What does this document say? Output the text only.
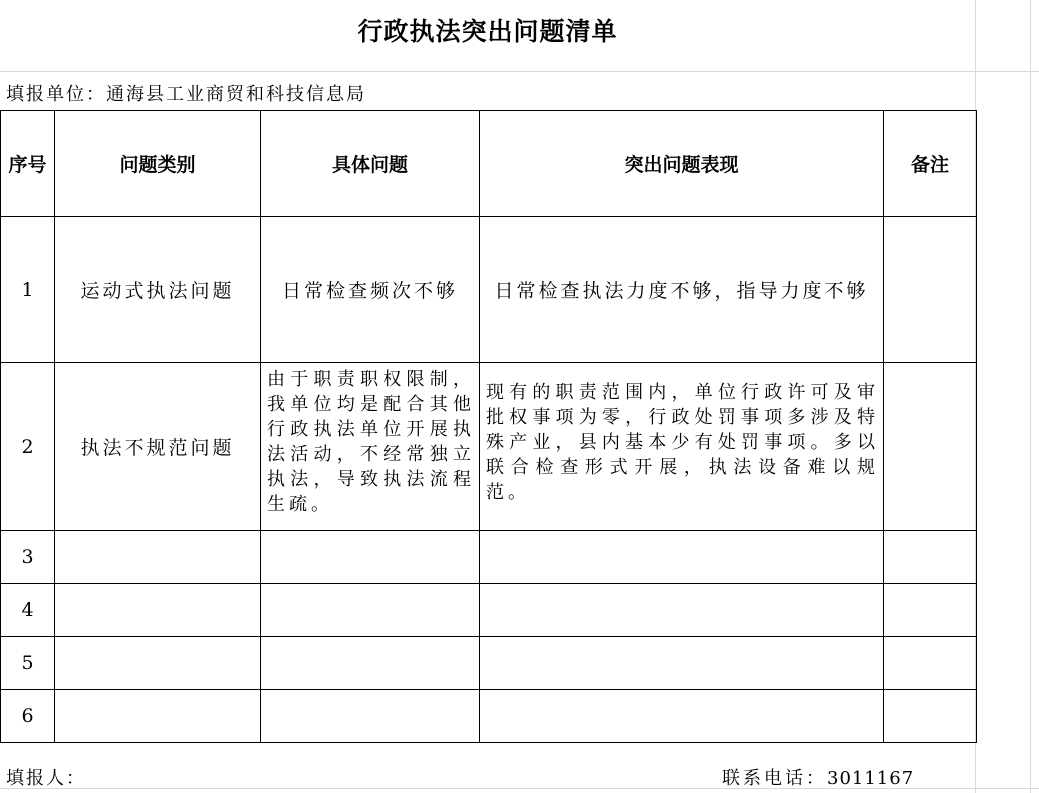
行政执法突出问题清单
填报单位：通海县工业商贸和科技信息局
序号	问题类别	具体问题	突出问题表现	备注
1	运动式执法问题	日常检查频次不够	日常检查执法力度不够，指导力度不够	
2	执法不规范问题	由于职责职权限制，我单位均是配合其他行政执法单位开展执法活动，不经常独立执法，导致执法流程生疏。	现有的职责范围内，单位行政许可及审批权事项为零，行政处罚事项多涉及特殊产业，县内基本少有处罚事项。多以联合检查形式开展，执法设备难以规范。	

3				
4				
5				
6				
填报人：	联系电话：3011167
